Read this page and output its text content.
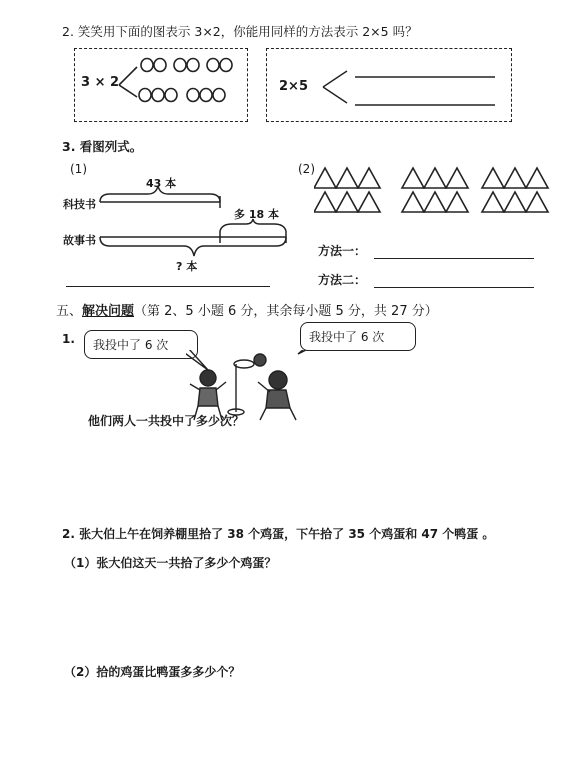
2. 笑笑用下面的图表示 3×2，你能用同样的方法表示 2×5 吗？
3 × 2	2×5
3. 看图列式。
(1)
43 本
科技书
多 18 本
故事书
? 本
(2)
方法一：
方法二：
五、解决问题（第 2、5 小题 6 分，其余每小题 5 分，共 27 分）
1.	我投中了 6 次
我投中了 6 次
他们两人一共投中了多少次？
2. 张大伯上午在饲养棚里拾了 38 个鸡蛋，下午拾了 35 个鸡蛋和 47 个鸭蛋 。
（1）张大伯这天一共拾了多少个鸡蛋？
（2）拾的鸡蛋比鸭蛋多多少个？
